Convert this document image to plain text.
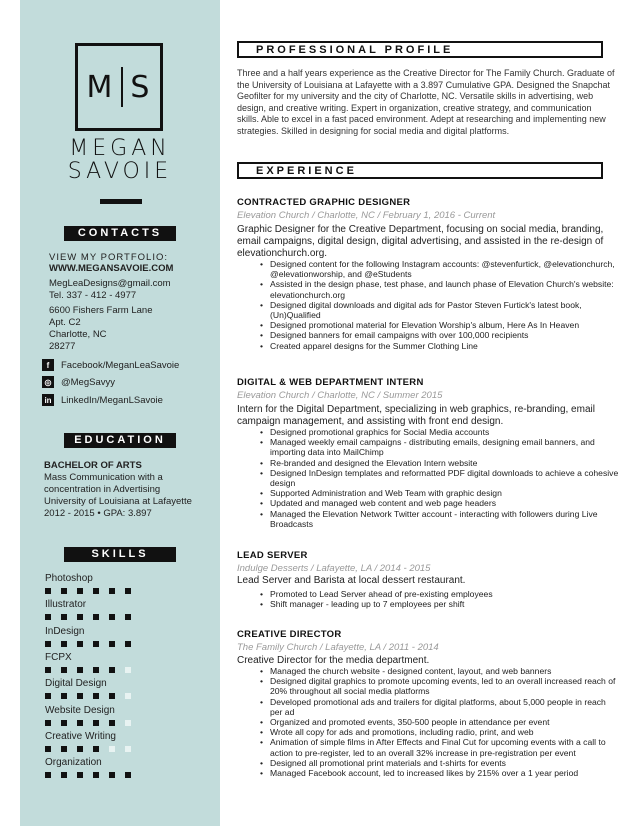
M S
MEGAN
SAVOIE
CONTACTS
VIEW MY PORTFOLIO:
WWW.MEGANSAVOIE.COM
MegLeaDesigns@gmail.com
Tel. 337 - 412 - 4977
6600 Fishers Farm Lane
Apt. C2
Charlotte, NC
28277
f	Facebook/MeganLeaSavoie
◎ @MegSavyy
in LinkedIn/MeganLSavoie
EDUCATION
BACHELOR OF ARTS
Mass Communication with a
concentration in Advertising
University of Louisiana at Lafayette
2012 - 2015 • GPA: 3.897
SKILLS
Photoshop
Illustrator
InDesign
FCPX
Digital Design
Website Design
Creative Writing
Organization
PROFESSIONAL PROFILE
Three and a half years experience as the Creative Director for The Family Church. Graduate of the University of Louisiana at Lafayette with a 3.897 Cumulative GPA. Designed the Snapchat Geofilter for my university and the city of Charlotte, NC. Versatile skills in advertising, web design, and creative writing. Expert in organization, creative strategy, and communication skills. Able to excel in a fast paced environment. Adept at researching and implementing new strategies. Skilled in designing for social media and digital platforms.
EXPERIENCE
CONTRACTED GRAPHIC DESIGNER
Elevation Church / Charlotte, NC / February 1, 2016 - Current
Graphic Designer for the Creative Department, focusing on social media, branding, email campaigns, digital design, digital advertising, and assisted in the re-design of elevationchurch.org.
• Designed content for the following Instagram accounts: @stevenfurtick, @elevationchurch, @elevationworship, and @eStudents
• Assisted in the design phase, test phase, and launch phase of Elevation Church's website: elevationchurch.org
• Designed digital downloads and digital ads for Pastor Steven Furtick's latest book, (Un)Qualified
• Designed promotional material for Elevation Worship's album, Here As In Heaven
• Designed banners for email campaigns with over 100,000 recipients
• Created apparel designs for the Summer Clothing Line
DIGITAL & WEB DEPARTMENT INTERN
Elevation Church / Charlotte, NC / Summer 2015
Intern for the Digital Department, specializing in web graphics, re-branding, email campaign management, and assisting with front end design.
• Designed promotional graphics for Social Media accounts
• Managed weekly email campaigns - distributing emails, designing email banners, and importing data into MailChimp
• Re-branded and designed the Elevation Intern website
• Designed InDesign templates and reformatted PDF digital downloads to achieve a cohesive design
• Supported Administration and Web Team with graphic design
• Updated and managed web content and web page headers
• Managed the Elevation Network Twitter account - interacting with followers during Live Broadcasts
LEAD SERVER
Indulge Desserts / Lafayette, LA / 2014 - 2015
Lead Server and Barista at local dessert restaurant.
• Promoted to Lead Server ahead of pre-existing employees
• Shift manager - leading up to 7 employees per shift
CREATIVE DIRECTOR
The Family Church / Lafayette, LA / 2011 - 2014
Creative Director for the media department.
• Managed the church website - designed content, layout, and web banners
• Designed digital graphics to promote upcoming events, led to an overall increased reach of 20% throughout all social media platforms
• Developed promotional ads and trailers for digital platforms, about 5,000 people in reach per ad
• Organized and promoted events, 350-500 people in attendance per event
• Wrote all copy for ads and promotions, including radio, print, and web
• Animation of simple films in After Effects and Final Cut for upcoming events with a call to action to pre-register, led to an overall 32% increase in pre-registration per event
• Designed all promotional print materials and t-shirts for events
• Managed Facebook account, led to increased likes by 215% over a 1 year period
